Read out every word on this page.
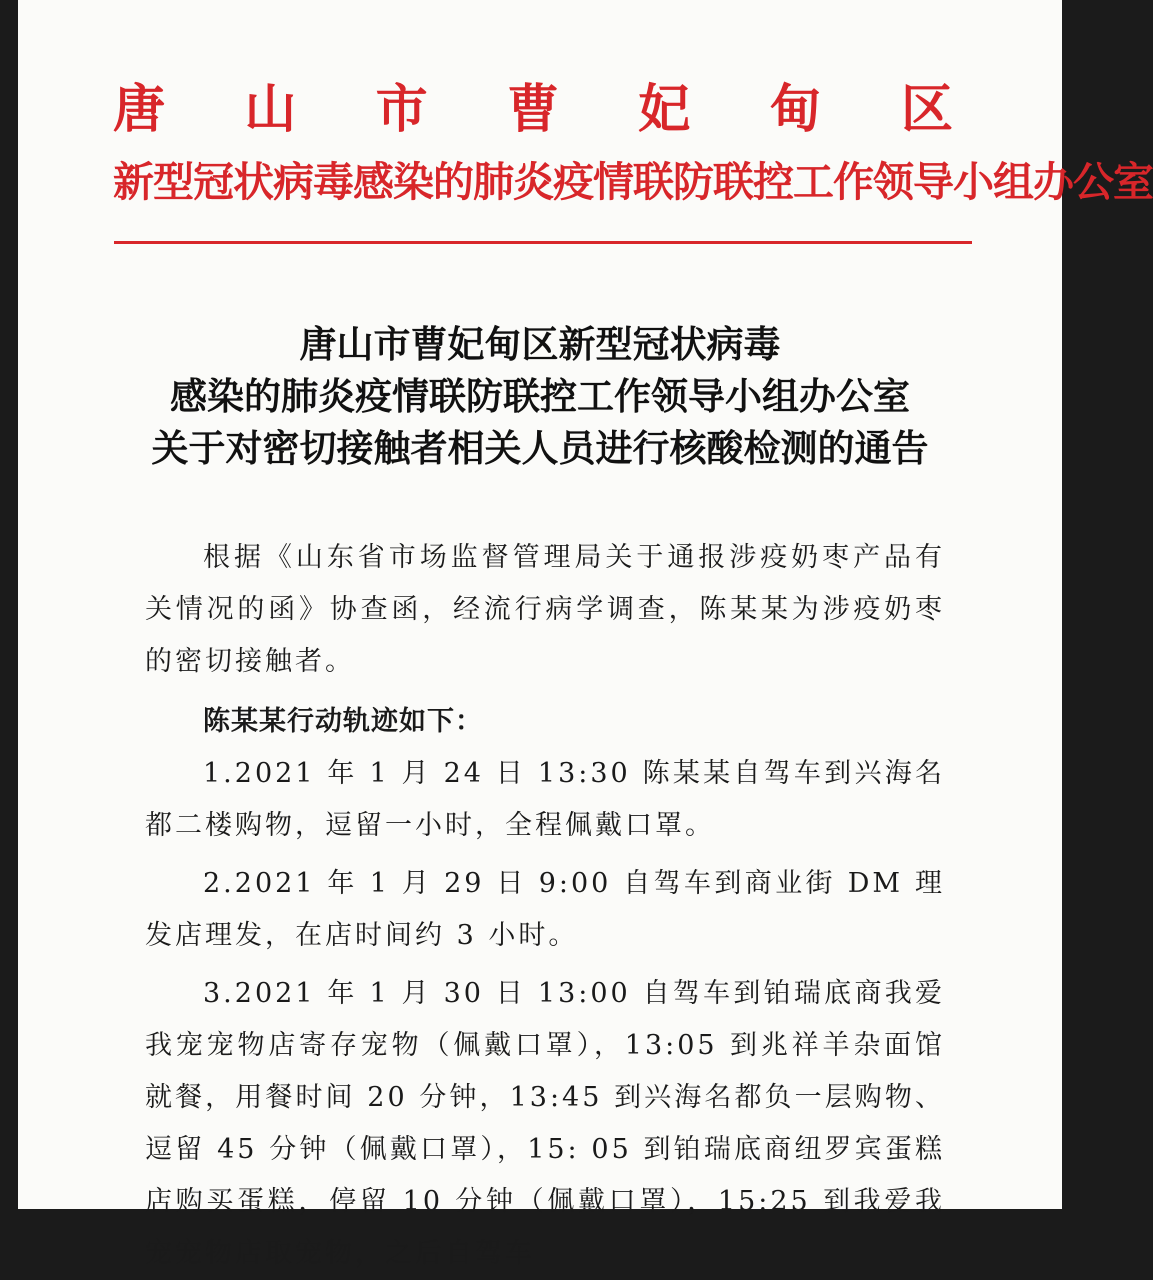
唐 山 市 曹 妃 甸 区
新型冠状病毒感染的肺炎疫情联防联控工作领导小组办公室
唐山市曹妃甸区新型冠状病毒
感染的肺炎疫情联防联控工作领导小组办公室
关于对密切接触者相关人员进行核酸检测的通告

根据《山东省市场监督管理局关于通报涉疫奶枣产品有关情况的函》协查函，经流行病学调查，陈某某为涉疫奶枣的密切接触者。

陈某某行动轨迹如下：

1.2021 年 1 月 24 日 13:30 陈某某自驾车到兴海名都二楼购物，逗留一小时，全程佩戴口罩。

2.2021 年 1 月 29 日 9:00 自驾车到商业街 DM 理发店理发，在店时间约 3 小时。

3.2021 年 1 月 30 日 13:00 自驾车到铂瑞底商我爱我宠宠物店寄存宠物（佩戴口罩），13:05 到兆祥羊杂面馆就餐，用餐时间 20 分钟，13:45 到兴海名都负一层购物、逗留 45 分钟（佩戴口罩），15: 05 到铂瑞底商纽罗宾蛋糕店购买蛋糕，停留 10 分钟（佩戴口罩），15:25 到我爱我宠宠物店取宠物，之后自驾车
